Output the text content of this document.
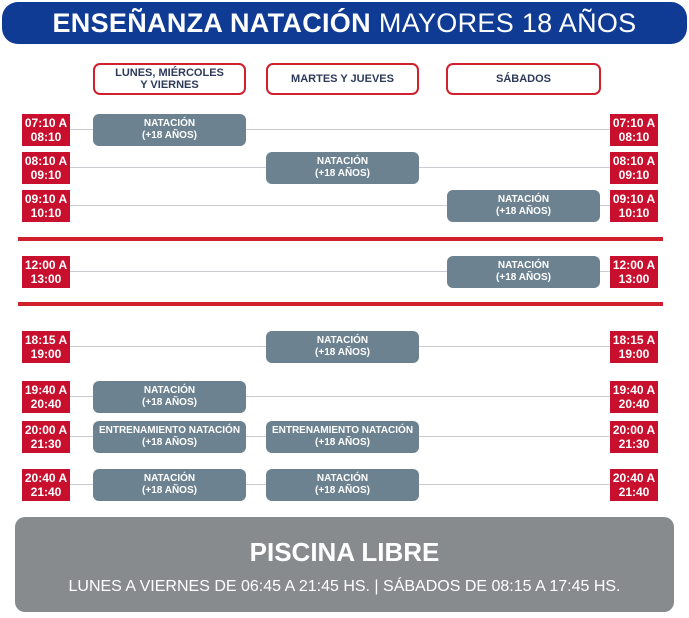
ENSEÑANZA NATACIÓN MAYORES 18 AÑOS
LUNES, MIÉRCOLES
Y VIERNES	MARTES Y JUEVES	SÁBADOS
07:10 A
08:10
07:10 A
08:10
NATACIÓN
(+18 AÑOS)
08:10 A
09:10
08:10 A
09:10
NATACIÓN
(+18 AÑOS)
09:10 A
10:10
09:10 A
10:10
NATACIÓN
(+18 AÑOS)
12:00 A
13:00
12:00 A
13:00
NATACIÓN
(+18 AÑOS)
18:15 A
19:00
18:15 A
19:00
NATACIÓN
(+18 AÑOS)
19:40 A
20:40
19:40 A
20:40
NATACIÓN
(+18 AÑOS)
20:00 A
21:30
20:00 A
21:30
ENTRENAMIENTO NATACIÓN
(+18 AÑOS)
ENTRENAMIENTO NATACIÓN
(+18 AÑOS)
20:40 A
21:40
20:40 A
21:40
NATACIÓN
(+18 AÑOS)
NATACIÓN
(+18 AÑOS)
PISCINA LIBRE
LUNES A VIERNES DE 06:45 A 21:45 HS. | SÁBADOS DE 08:15 A 17:45 HS.
